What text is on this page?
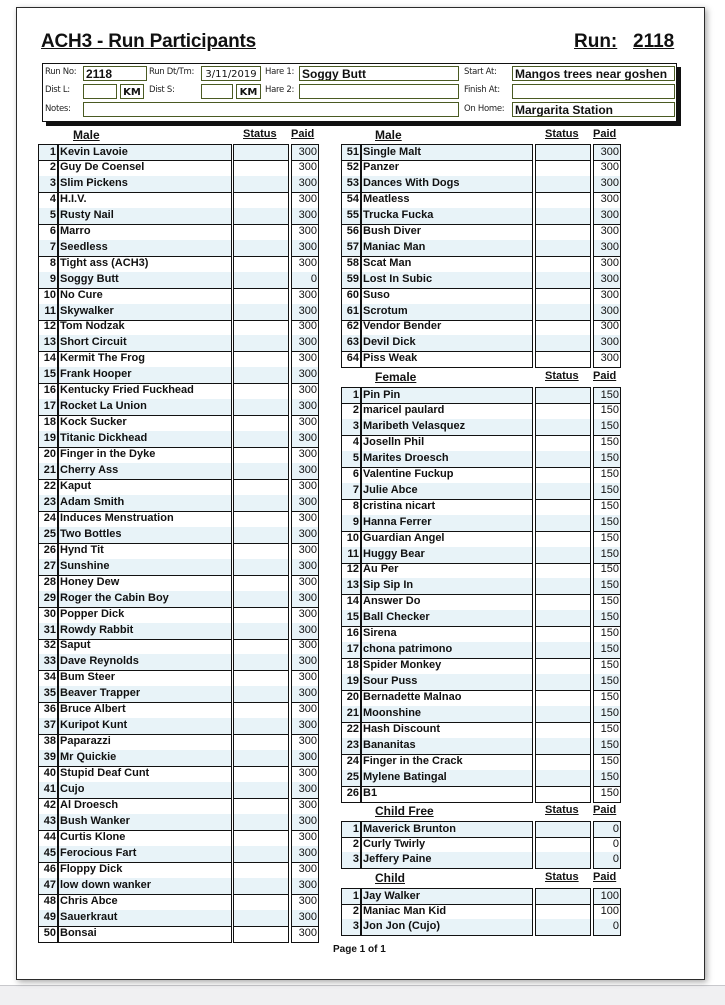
ACH3 - Run Participants	Run: 2118
Run No: 2118	Run Dt/Tm:	3/11/2019 Hare 1: Soggy Butt	Start At: Mangos trees near goshen
Dist L:	KM Dist S:	KM Hare 2:	Finish At:
Notes:	On Home: Margarita Station
Male	Status Paid	Male	Status Paid
Female	Status Paid
Child Free	Status Paid
Child	Status Paid
1 Kevin Lavoie	300
2 Guy De Coensel	300
3 Slim Pickens	300
4 H.I.V.	300
5 Rusty Nail	300
6 Marro	300
7 Seedless	300
8 Tight ass (ACH3)	300
9 Soggy Butt	0
10 No Cure	300
11 Skywalker	300
12 Tom Nodzak	300
13 Short Circuit	300
14 Kermit The Frog	300
15 Frank Hooper	300
16 Kentucky Fried Fuckhead	300
17 Rocket La Union	300
18 Kock Sucker	300
19 Titanic Dickhead	300
20 Finger in the Dyke	300
21 Cherry Ass	300
22 Kaput	300
23 Adam Smith	300
24 Induces Menstruation	300
25 Two Bottles	300
26 Hynd Tit	300
27 Sunshine	300
28 Honey Dew	300
29 Roger the Cabin Boy	300
30 Popper Dick	300
31 Rowdy Rabbit	300
32 Saput	300
33 Dave Reynolds	300
34 Bum Steer	300
35 Beaver Trapper	300
36 Bruce Albert	300
37 Kuripot Kunt	300
38 Paparazzi	300
39 Mr Quickie	300
40 Stupid Deaf Cunt	300
41 Cujo	300
42 Al Droesch	300
43 Bush Wanker	300
44 Curtis Klone	300
45 Ferocious Fart	300
46 Floppy Dick	300
47 low down wanker	300
48 Chris Abce	300
49 Sauerkraut	300
50 Bonsai	300
51 Single Malt	300
52 Panzer	300
53 Dances With Dogs	300
54 Meatless	300
55 Trucka Fucka	300
56 Bush Diver	300
57 Maniac Man	300
58 Scat Man	300
59 Lost In Subic	300
60 Suso	300
61 Scrotum	300
62 Vendor Bender	300
63 Devil Dick	300
64 Piss Weak	300
1 Pin Pin	150
2 maricel paulard	150
3 Maribeth Velasquez	150
4 Joselln Phil	150
5 Marites Droesch	150
6 Valentine Fuckup	150
7 Julie Abce	150
8 cristina nicart	150
9 Hanna Ferrer	150
10 Guardian Angel	150
11 Huggy Bear	150
12 Au Per	150
13 Sip Sip In	150
14 Answer Do	150
15 Ball Checker	150
16 Sirena	150
17 chona patrimono	150
18 Spider Monkey	150
19 Sour Puss	150
20 Bernadette Malnao	150
21 Moonshine	150
22 Hash Discount	150
23 Bananitas	150
24 Finger in the Crack	150
25 Mylene Batingal	150
26 B1	150
1 Maverick Brunton	0
2 Curly Twirly	0
3 Jeffery Paine	0
1 Jay Walker	100
2 Maniac Man Kid	100
3 Jon Jon (Cujo)	0
Page 1 of 1
